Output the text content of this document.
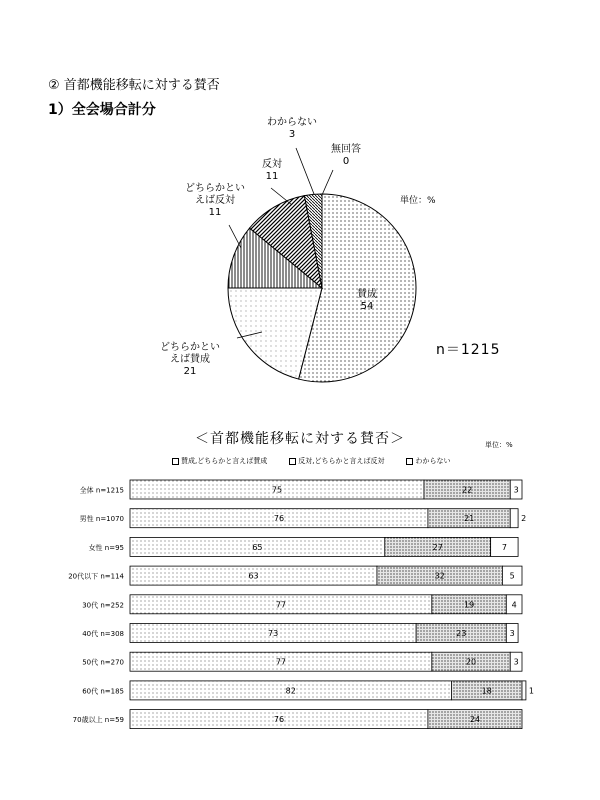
② 首都機能移転に対する賛否
1）全会場合計分
賛成
54
どちらかとい
えば賛成
21
どちらかとい
えば反対
11
反対
11
わからない
3
無回答
0
単位：%
n＝1215
＜首都機能移転に対する賛否＞	単位：%
賛成,どちらかと言えば賛成	反対,どちらかと言えば反対	わからない
全体 n=1215	75	22	3
男性 n=1070	76	21	2
女性 n=95	65	27	7
20代以下 n=114	63	32	5
30代 n=252	77	19	4
40代 n=308	73	23	3
50代 n=270	77	20	3
60代 n=185	82	18	1
70歳以上 n=59	76	24
